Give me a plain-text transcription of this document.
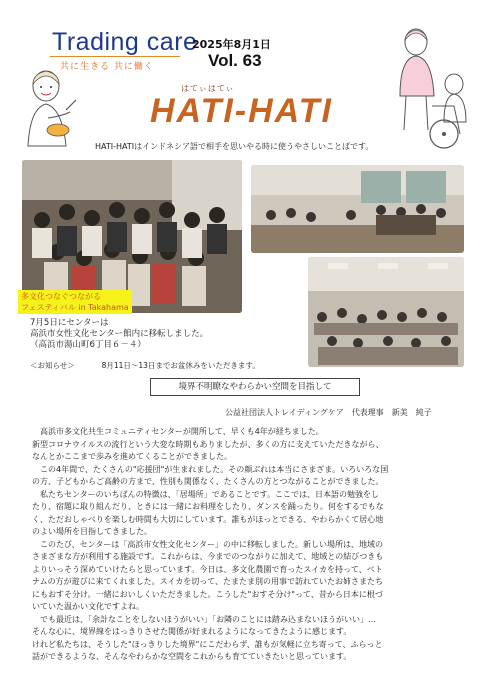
Trading care
共に生きる 共に働く
2025年8月1日
Vol. 63
はてぃはてぃ
HATI-HATI
HATI-HATIはインドネシア語で相手を思いやる時に使うやさしいことばです。
多文化つなぐつながる
フェスティバル in Takahama
7月5日にセンターは
高浜市女性文化センター館内に移転しました。
（高浜市湯山町6丁目６－４）
＜お知らせ＞	8月11日～13日までお盆休みをいただきます。
境界不明瞭なやわらかい空間を目指して
公益社団法人トレイディングケア　代表理事　新美　純子

　高浜市多文化共生コミュニティセンターが開所して、早くも4年が経ちました。

新型コロナウイルスの流行という大変な時期もありましたが、多くの方に支えていただきながら、

なんとかここまで歩みを進めてくることができました。

　この4年間で、たくさんの"応援団"が生まれました。その顔ぶれは本当にさまざま。いろいろな国

の方、子どもからご高齢の方まで、性別も関係なく、たくさんの方とつながることができました。

　私たちセンターのいちばんの特徴は、「居場所」であることです。ここでは、日本語の勉強をし

たり、宿題に取り組んだり、ときには一緒にお料理をしたり、ダンスを踊ったり。何をするでもな

く、ただおしゃべりを楽しむ時間も大切にしています。誰もがほっとできる、やわらかくて居心地

のよい場所を目指してきました。

　このたび、センターは「高浜市女性文化センター」の中に移転しました。新しい場所は、地域の

さまざまな方が利用する施設です。これからは、今までのつながりに加えて、地域との結びつきも

よりいっそう深めていけたらと思っています。今日は、多文化農園で育ったスイカを持って、ベト

ナムの方が遊びに来てくれました。スイカを切って、たまたま別の用事で訪れていたお姉さまたち

にもおすそ分け。一緒においしくいただきました。こうした"おすそ分け"って、昔から日本に根づ

いていた温かい文化ですよね。

　でも最近は、「余計なことをしないほうがいい」「お隣のことには踏み込まないほうがいい」…

そんな心に、境界線をはっきりさせた関係が好まれるようになってきたように感じます。

けれど私たちは、そうした"ほっきりした境界"にこだわらず、誰もが気軽に立ち寄って、ふらっと

話ができるような、そんなやわらかな空間をこれからも育てていきたいと思っています。
